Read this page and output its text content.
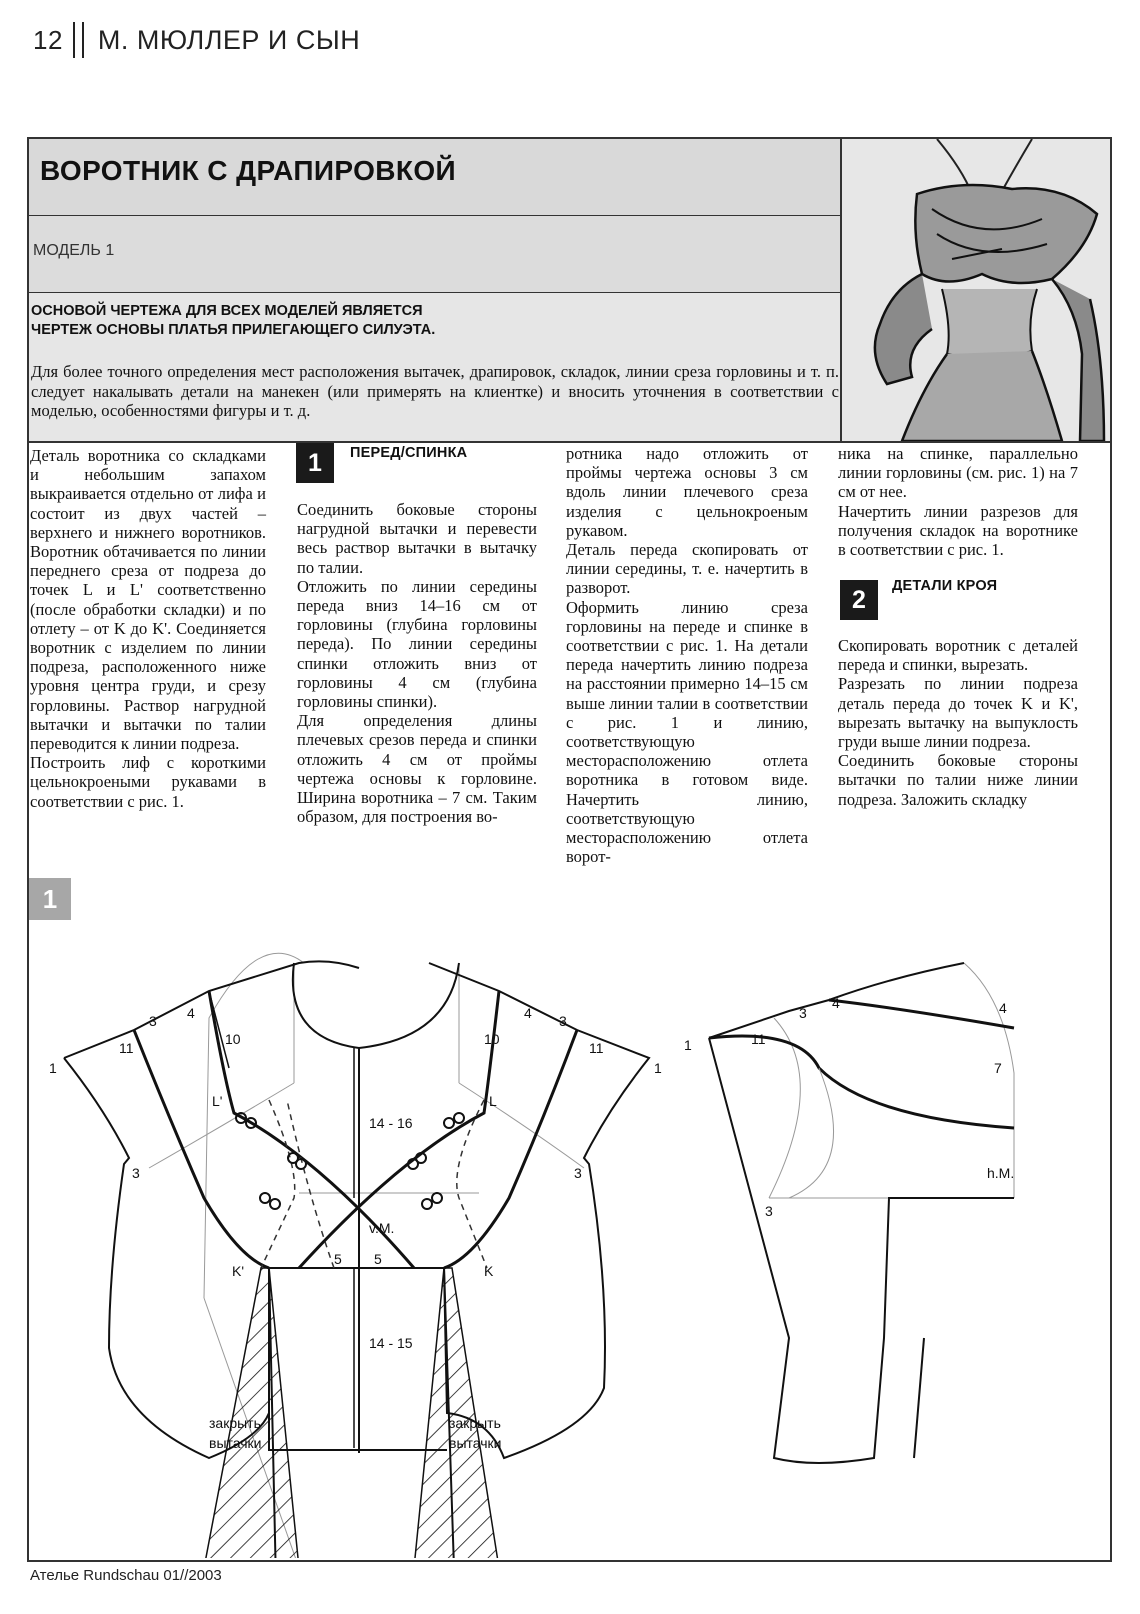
12 М. МЮЛЛЕР И СЫН
ВОРОТНИК С ДРАПИРОВКОЙ
МОДЕЛЬ 1
ОСНОВОЙ ЧЕРТЕЖА ДЛЯ ВСЕХ МОДЕЛЕЙ ЯВЛЯЕТСЯ
ЧЕРТЕЖ ОСНОВЫ ПЛАТЬЯ ПРИЛЕГАЮЩЕГО СИЛУЭТА.
Для более точного определения мест расположения вытачек, драпировок, складок, линии среза горловины и т. п. следует накалывать детали на манекен (или примерять на клиентке) и вносить уточнения в соответствии с моделью, особенностями фигуры и т. д.

Деталь воротника со складками и небольшим запахом выкраивается отдельно от лифа и состоит из двух частей – верхнего и нижнего воротников. Воротник обтачивается по линии переднего среза от подреза до точек L и L' соответственно (после обработки складки) и по отлету – от K до K'. Соединяется воротник с изделием по линии подреза, расположенного ниже уровня центра груди, и срезу горловины. Раствор нагрудной вытачки и вытачки по талии переводится к линии подреза.

Построить лиф с короткими цельнокроеными рукавами в соответствии с рис. 1.

1	ПЕРЕД/СПИНКА

Соединить боковые стороны нагрудной вытачки и перевести весь раствор вытачки в вытачку по талии.

Отложить по линии середины переда вниз 14–16 см от горловины (глубина горловины переда). По линии середины спинки отложить вниз от горловины 4 см (глубина горловины спинки).

Для определения длины плечевых срезов переда и спинки отложить 4 см от проймы чертежа основы к горловине. Ширина воротника – 7 см. Таким образом, для построения во-

ротника надо отложить от проймы чертежа основы 3 см вдоль линии плечевого среза изделия с цельнокроеным рукавом.

Деталь переда скопировать от линии середины, т. е. начертить в разворот.

Оформить линию среза горловины на переде и спинке в соответствии с рис. 1. На детали переда начертить линию подреза на расстоянии примерно 14–15 см выше линии талии в соответствии с рис. 1 и линию, соответствующую месторасположению отлета воротника в готовом виде. Начертить линию, соответствующую месторасположению отлета ворот-

ника на спинке, параллельно линии горловины (см. рис. 1) на 7 см от нее.

Начертить линии разрезов для получения складок на воротнике в соответствии с рис. 1.

2	ДЕТАЛИ КРОЯ

Скопировать воротник с деталей переда и спинки, вырезать.

Разрезать по линии подреза деталь переда до точек K и K', вырезать вытачку на выпуклость груди выше линии подреза.

Соединить боковые стороны вытачки по талии ниже линии подреза. Заложить складку

1
1
11
3 4
10
L'
3
K'
5 5
14 - 16
v.M.
14 - 15
L
K
10
4 3
11
3
1
закрыть
вытачки
закрыть
вытачки
1	11
3
4	4
7
h.M.
3
Ателье Rundschau 01//2003
